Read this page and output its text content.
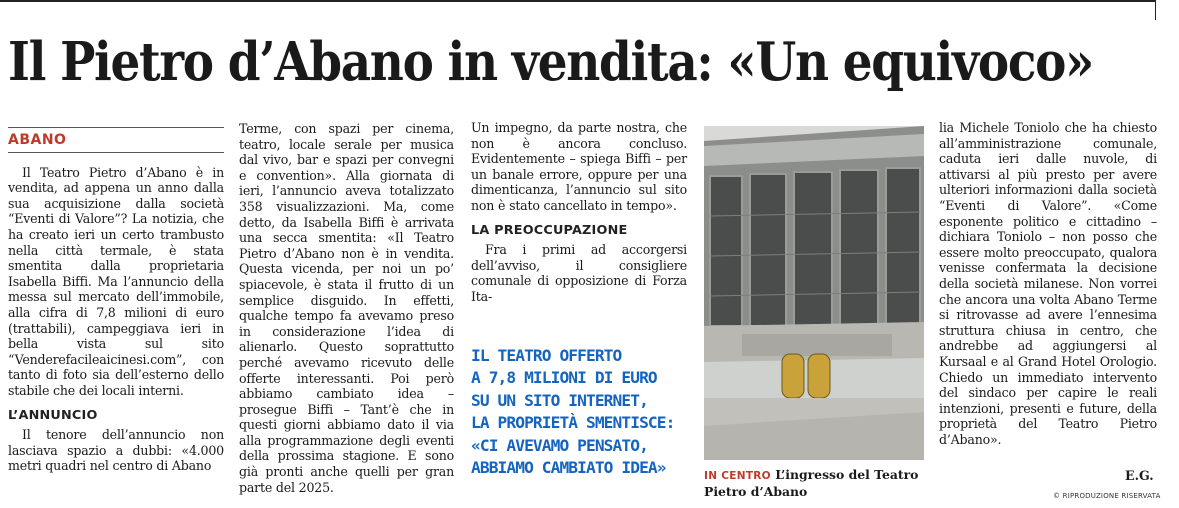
Il Pietro d’Abano in vendita: «Un equivoco»
ABANO

Il Teatro Pietro d’Abano è in vendita, ad appena un anno dalla sua acquisizione dalla società “Eventi di Valore”? La notizia, che ha creato ieri un certo trambusto nella città termale, è stata smentita dalla proprietaria Isabella Biffi. Ma l’annuncio della messa sul mercato dell’immobile, alla cifra di 7,8 milioni di euro (trattabili), campeggiava ieri in bella vista sul sito “Venderefacileaicinesi.com”, con tanto di foto sia dell’esterno dello stabile che dei locali interni.

L’ANNUNCIO

Il tenore dell’annuncio non lasciava spazio a dubbi: «4.000 metri quadri nel centro di Abano

Terme, con spazi per cinema, teatro, locale serale per musica dal vivo, bar e spazi per convegni e convention». Alla giornata di ieri, l’annuncio aveva totalizzato 358 visualizzazioni. Ma, come detto, da Isabella Biffi è arrivata una secca smentita: «Il Teatro Pietro d’Abano non è in vendita. Questa vicenda, per noi un po’ spiacevole, è stata il frutto di un semplice disguido. In effetti, qualche tempo fa avevamo preso in considerazione l’idea di alienarlo. Questo soprattutto perché avevamo ricevuto delle offerte interessanti. Poi però abbiamo cambiato idea – prosegue Biffi – Tant’è che in questi giorni abbiamo dato il via alla programmazione degli eventi della prossima stagione. E sono già pronti anche quelli per gran parte del 2025.

Un impegno, da parte nostra, che non è ancora concluso. Evidentemente – spiega Biffi – per un banale errore, oppure per una dimenticanza, l’annuncio sul sito non è stato cancellato in tempo».

LA PREOCCUPAZIONE

Fra i primi ad accorgersi dell’avviso, il consigliere comunale di opposizione di Forza Ita-

IL TEATRO OFFERTO
A 7,8 MILIONI DI EURO
SU UN SITO INTERNET,
LA PROPRIETÀ SMENTISCE:
«CI AVEVAMO PENSATO,
ABBIAMO CAMBIATO IDEA»	IN CENTRO L’ingresso del Teatro Pietro d’Abano

lia Michele Toniolo che ha chiesto all’amministrazione comunale, caduta ieri dalle nuvole, di attivarsi al più presto per avere ulteriori informazioni dalla società “Eventi di Valore”. «Come esponente politico e cittadino – dichiara Toniolo – non posso che essere molto preoccupato, qualora venisse confermata la decisione della società milanese. Non vorrei che ancora una volta Abano Terme si ritrovasse ad avere l’ennesima struttura chiusa in centro, che andrebbe ad aggiungersi al Kursaal e al Grand Hotel Orologio. Chiedo un immediato intervento del sindaco per capire le reali intenzioni, presenti e future, della proprietà del Teatro Pietro d’Abano».

E.G.
© RIPRODUZIONE RISERVATA
